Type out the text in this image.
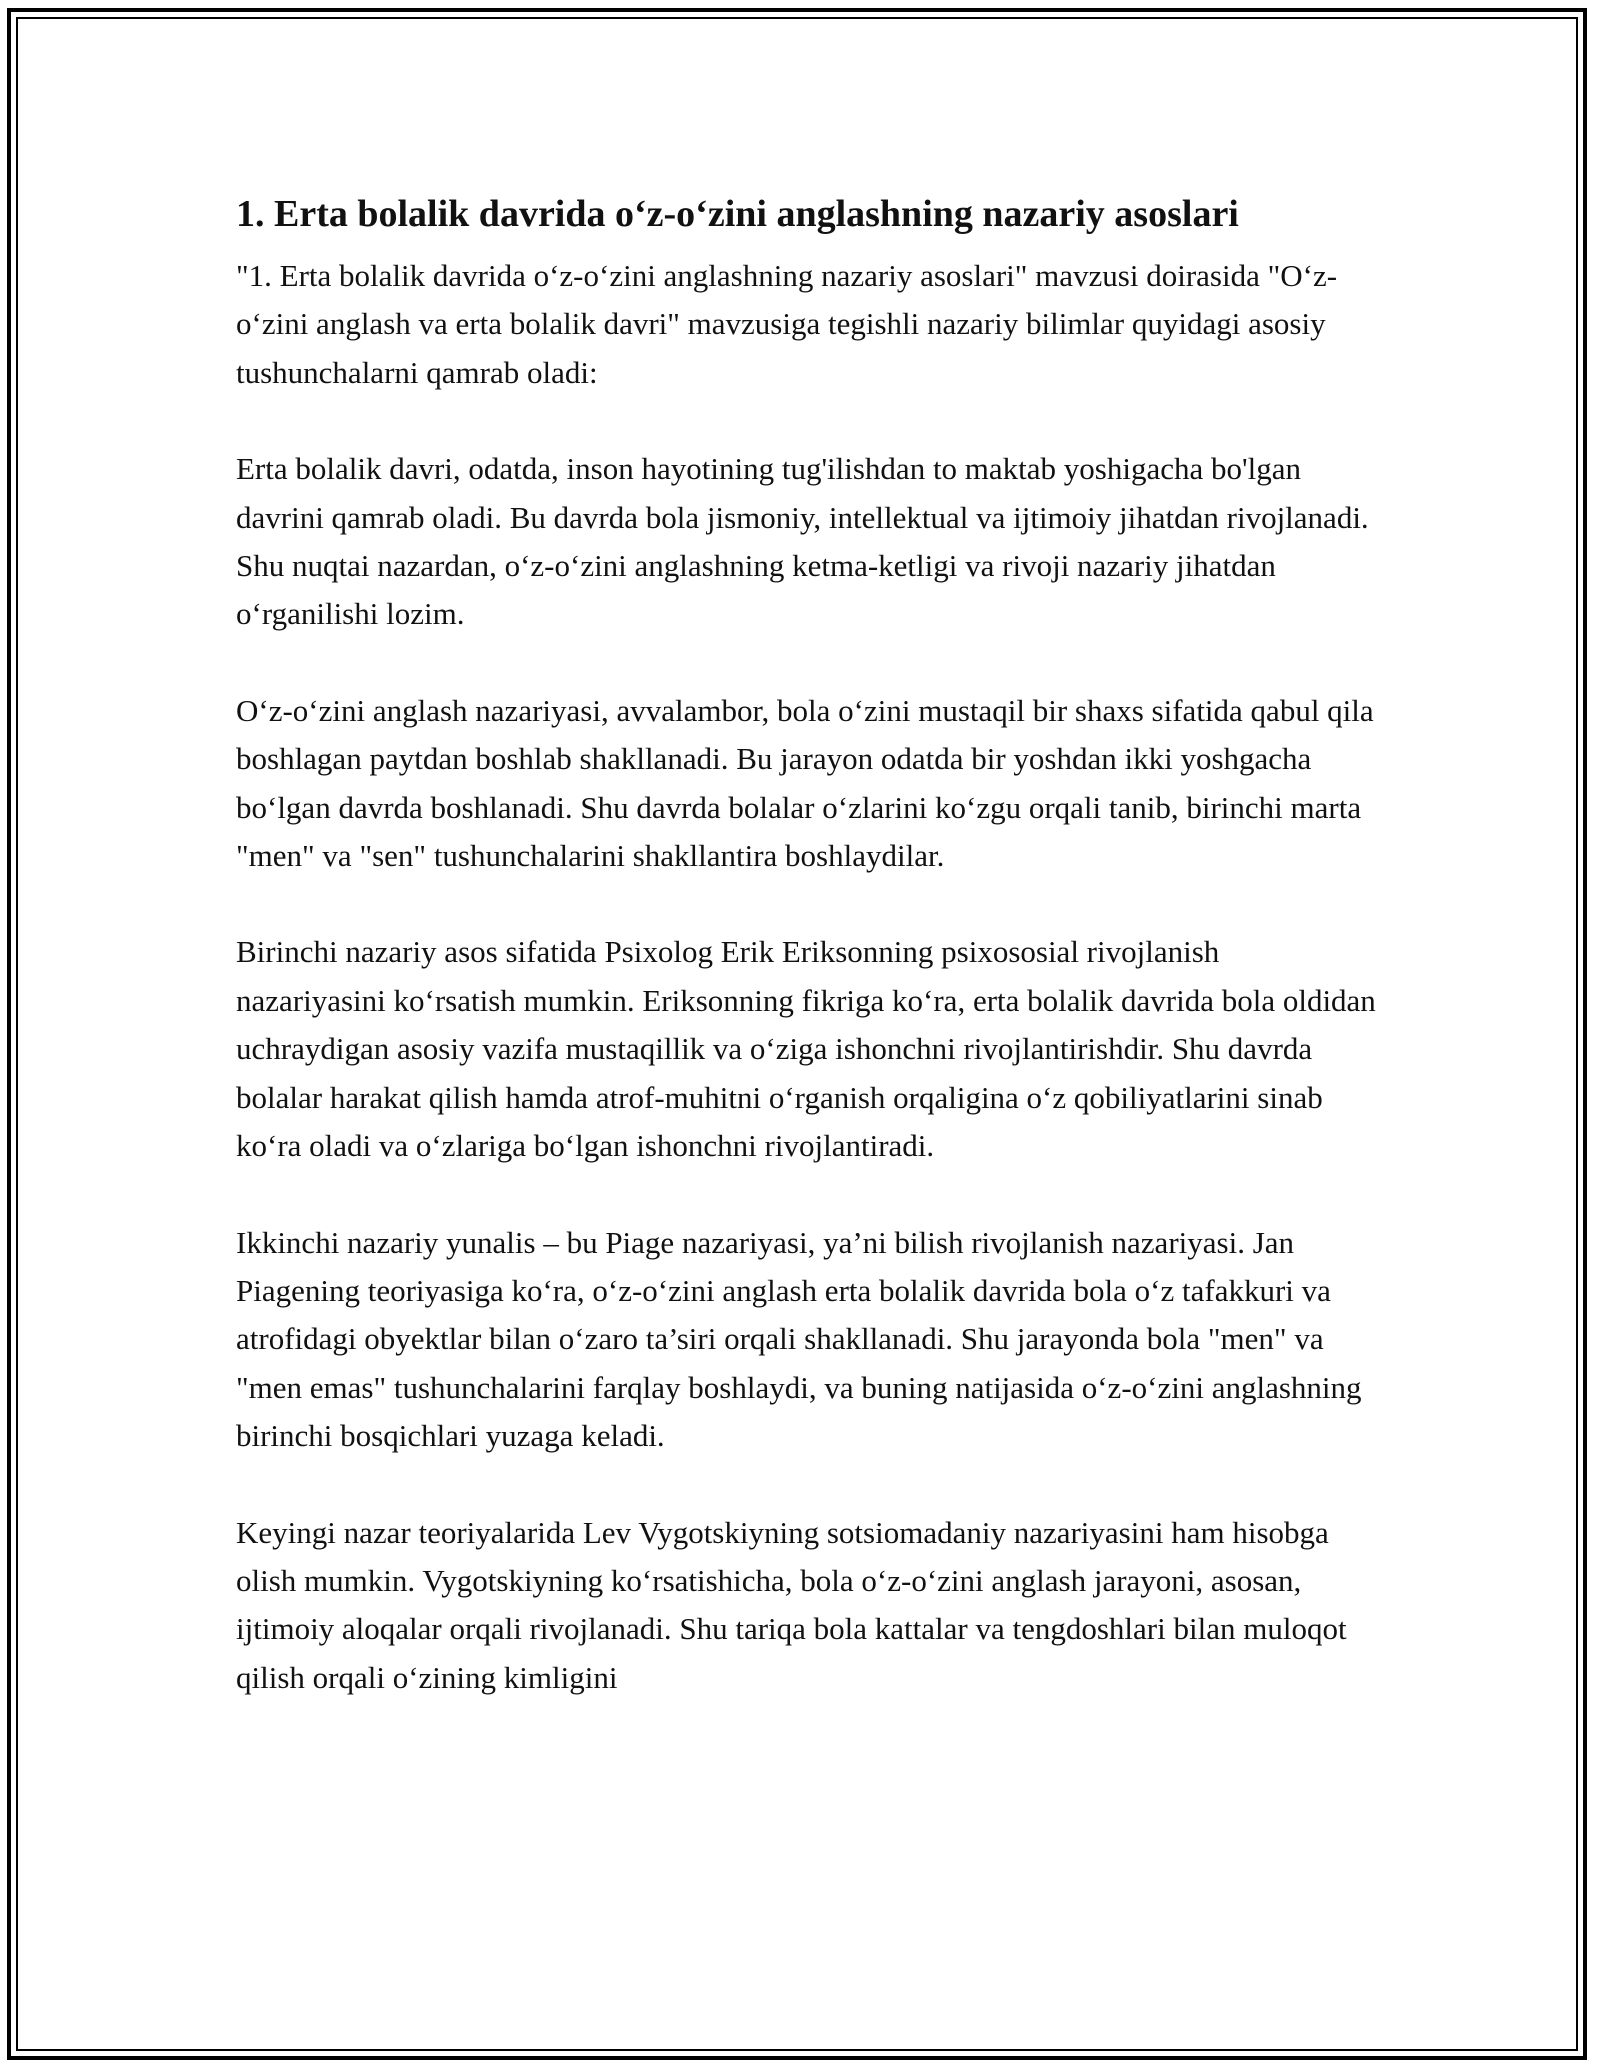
1. Erta bolalik davrida o‘z-o‘zini anglashning nazariy asoslari

"1. Erta bolalik davrida o‘z-o‘zini anglashning nazariy asoslari" mavzusi doirasida "O‘z-o‘zini anglash va erta bolalik davri" mavzusiga tegishli nazariy bilimlar quyidagi asosiy tushunchalarni qamrab oladi:

Erta bolalik davri, odatda, inson hayotining tug'ilishdan to maktab yoshigacha bo'lgan davrini qamrab oladi. Bu davrda bola jismoniy, intellektual va ijtimoiy jihatdan rivojlanadi. Shu nuqtai nazardan, o‘z-o‘zini anglashning ketma-ketligi va rivoji nazariy jihatdan o‘rganilishi lozim.

O‘z-o‘zini anglash nazariyasi, avvalambor, bola o‘zini mustaqil bir shaxs sifatida qabul qila boshlagan paytdan boshlab shakllanadi. Bu jarayon odatda bir yoshdan ikki yoshgacha bo‘lgan davrda boshlanadi. Shu davrda bolalar o‘zlarini ko‘zgu orqali tanib, birinchi marta "men" va "sen" tushunchalarini shakllantira boshlaydilar.

Birinchi nazariy asos sifatida Psixolog Erik Eriksonning psixososial rivojlanish nazariyasini ko‘rsatish mumkin. Eriksonning fikriga ko‘ra, erta bolalik davrida bola oldidan uchraydigan asosiy vazifa mustaqillik va o‘ziga ishonchni rivojlantirishdir. Shu davrda bolalar harakat qilish hamda atrof-muhitni o‘rganish orqaligina o‘z qobiliyatlarini sinab ko‘ra oladi va o‘zlariga bo‘lgan ishonchni rivojlantiradi.

Ikkinchi nazariy yunalis – bu Piage nazariyasi, ya’ni bilish rivojlanish nazariyasi. Jan Piagening teoriyasiga ko‘ra, o‘z-o‘zini anglash erta bolalik davrida bola o‘z tafakkuri va atrofidagi obyektlar bilan o‘zaro ta’siri orqali shakllanadi. Shu jarayonda bola "men" va "men emas" tushunchalarini farqlay boshlaydi, va buning natijasida o‘z-o‘zini anglashning birinchi bosqichlari yuzaga keladi.

Keyingi nazar teoriyalarida Lev Vygotskiyning sotsiomadaniy nazariyasini ham hisobga olish mumkin. Vygotskiyning ko‘rsatishicha, bola o‘z-o‘zini anglash jarayoni, asosan, ijtimoiy aloqalar orqali rivojlanadi. Shu tariqa bola kattalar va tengdoshlari bilan muloqot qilish orqali o‘zining kimligini
